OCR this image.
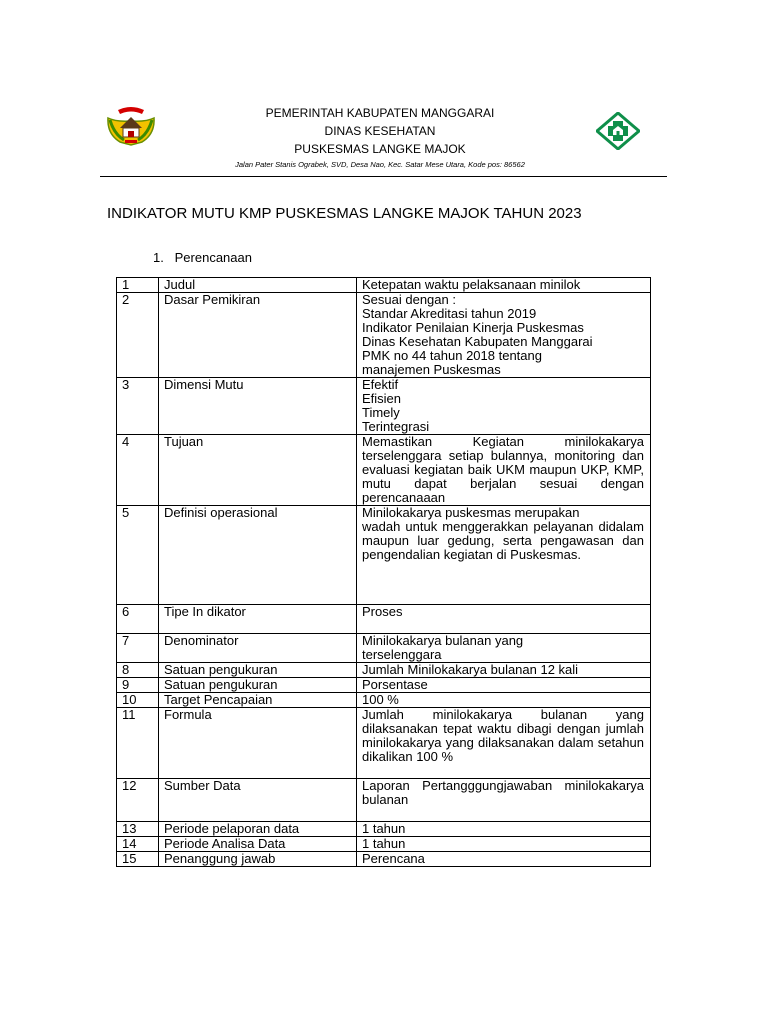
PEMERINTAH KABUPATEN MANGGARAI
DINAS KESEHATAN
PUSKESMAS LANGKE MAJOK
Jalan Pater Stanis Ograbek, SVD, Desa Nao, Kec. Satar Mese Utara, Kode pos: 86562
INDIKATOR MUTU KMP PUSKESMAS LANGKE MAJOK TAHUN 2023
1. Perencanaan
1	Judul	Ketepatan waktu pelaksanaan minilok

2	Dasar Pemikiran	Sesuai dengan :
Standar Akreditasi tahun 2019
Indikator Penilaian Kinerja Puskesmas
Dinas Kesehatan Kabupaten Manggarai
PMK no 44 tahun 2018 tentang manajemen Puskesmas

3	Dimensi Mutu	Efektif
Efisien
Timely
Terintegrasi

4	Tujuan	Memastikan Kegiatan minilokakarya terselenggara setiap bulannya, monitoring dan evaluasi kegiatan baik UKM maupun UKP, KMP, mutu dapat berjalan sesuai dengan perencanaaan

5	Definisi operasional	Minilokakarya puskesmas merupakan
wadah untuk menggerakkan pelayanan didalam maupun luar gedung, serta pengawasan dan pengendalian kegiatan di Puskesmas.

6	Tipe In dikator	Proses

7	Denominator	Minilokakarya bulanan yang terselenggara

8	Satuan pengukuran	Jumlah Minilokakarya bulanan 12 kali

9	Satuan pengukuran	Porsentase

10	Target Pencapaian	100 %

11	Formula	Jumlah minilokakarya bulanan yang dilaksanakan tepat waktu dibagi dengan jumlah minilokakarya yang dilaksanakan dalam setahun dikalikan 100 %

12	Sumber Data	Laporan Pertangggungjawaban minilokakarya bulanan

13	Periode pelaporan data	1 tahun

14	Periode Analisa Data	1 tahun

15	Penanggung jawab	Perencana
